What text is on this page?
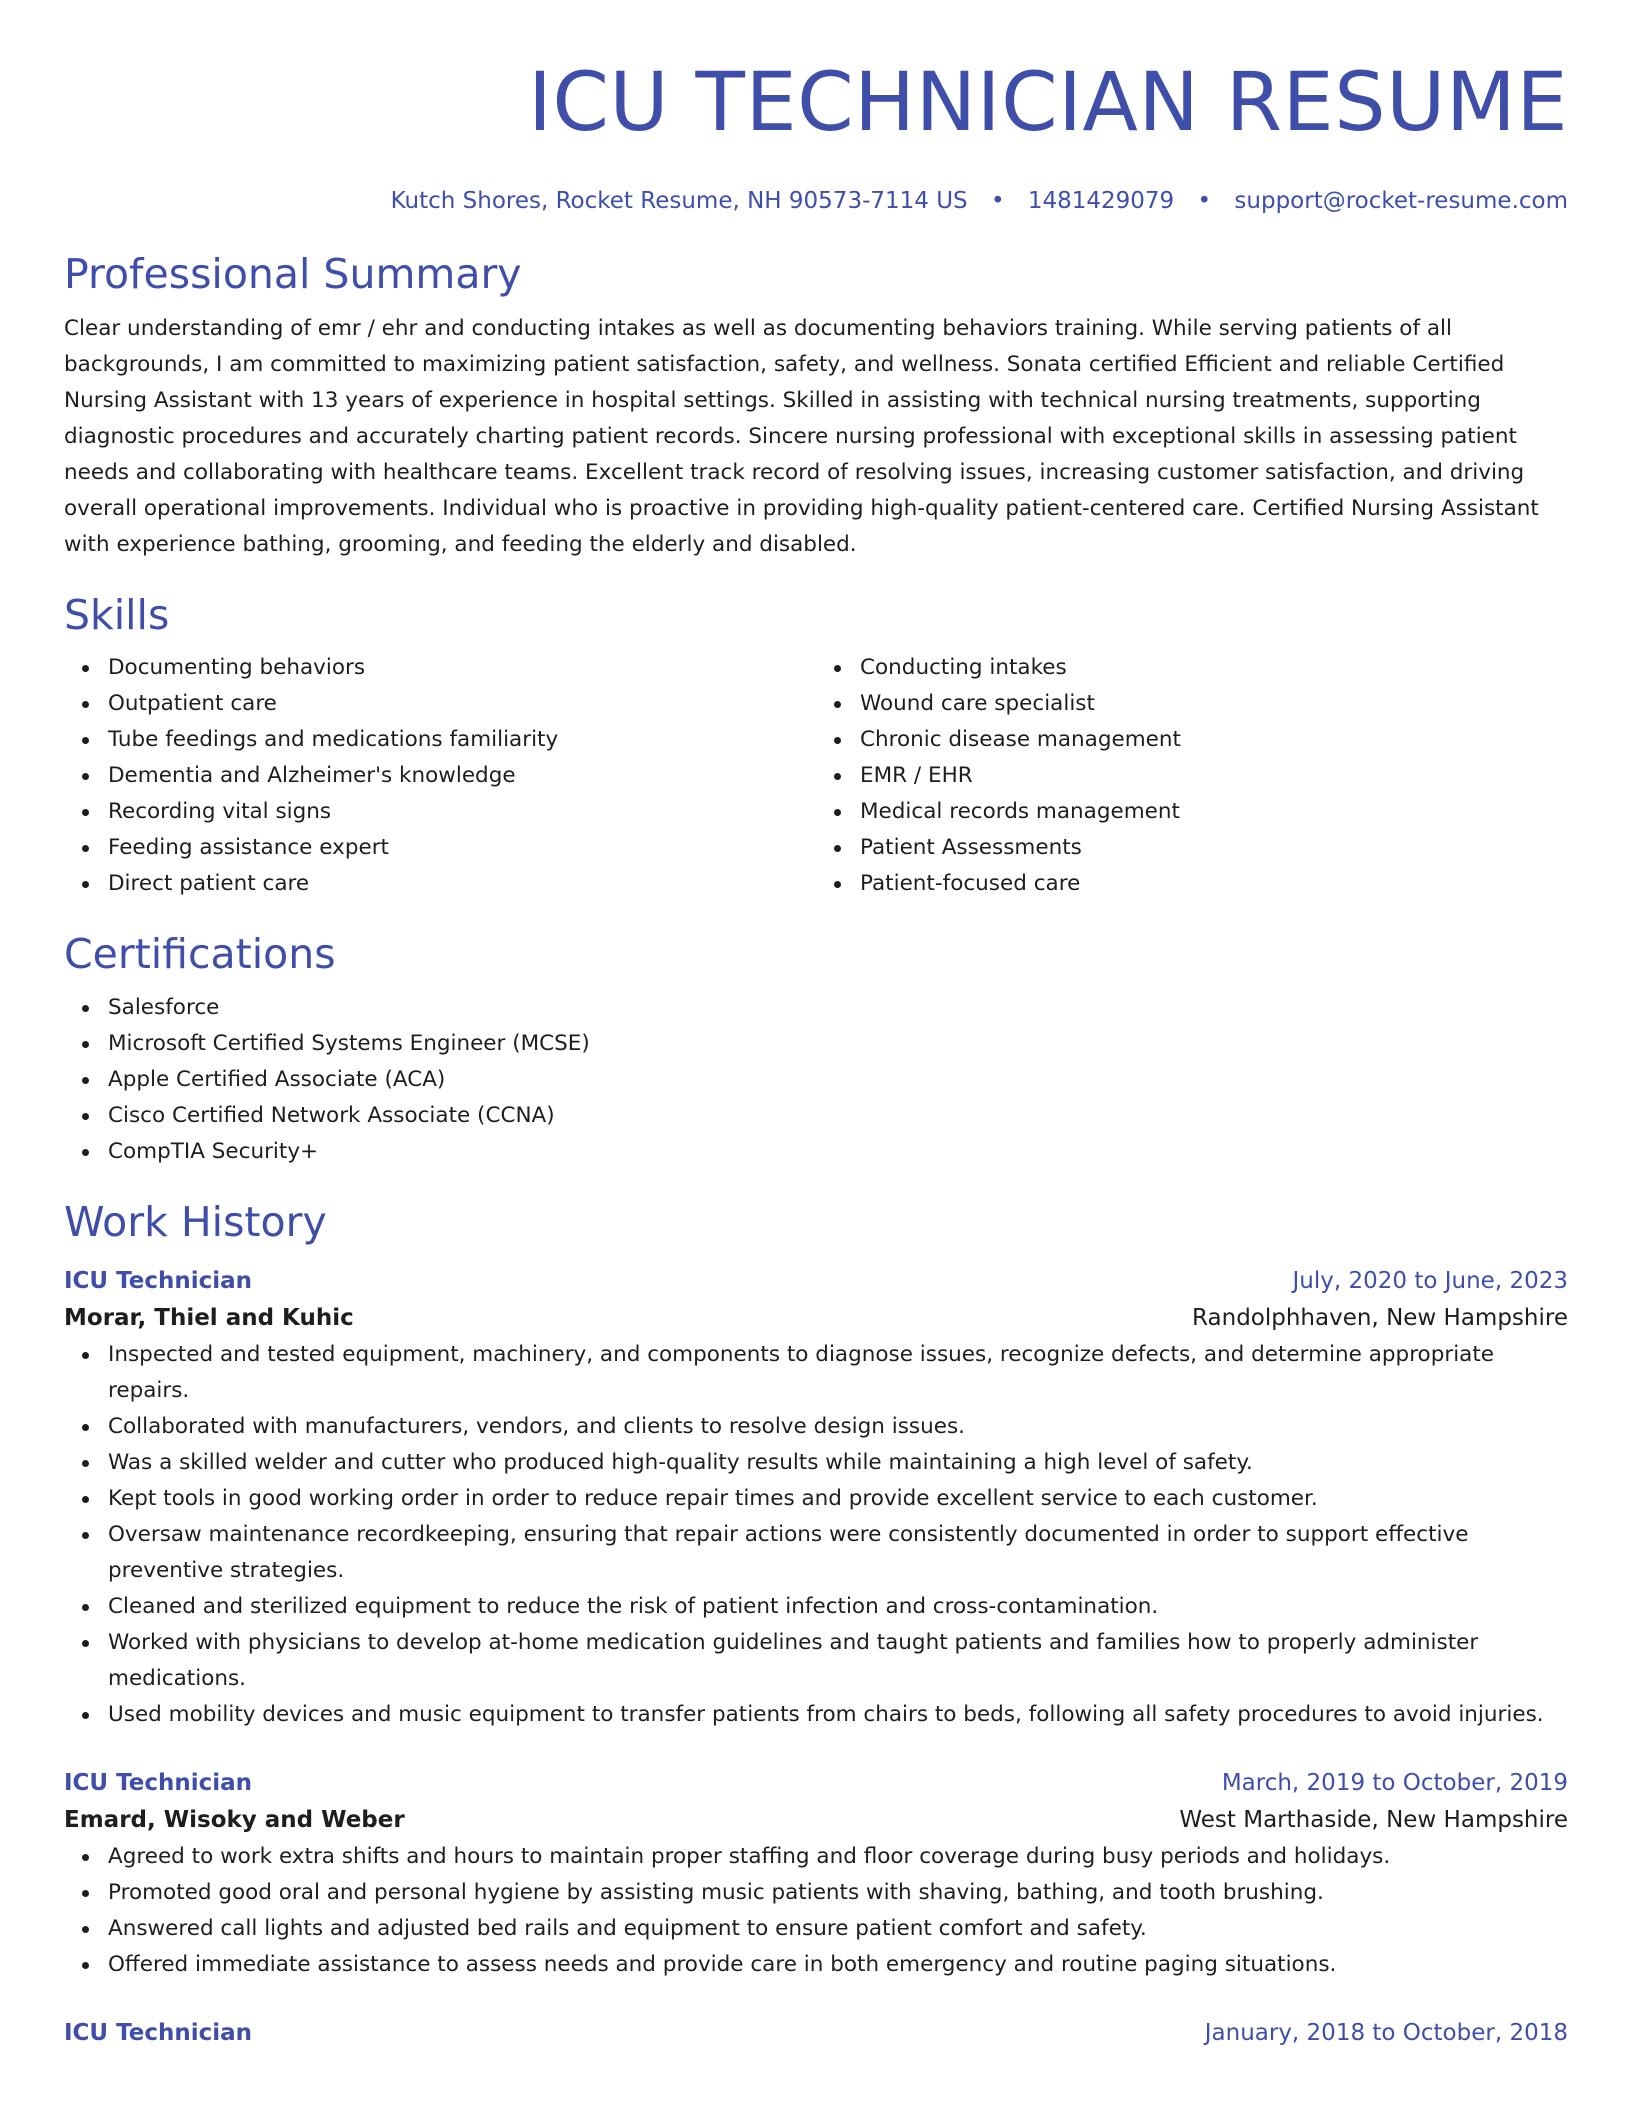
ICU TECHNICIAN RESUME
Kutch Shores, Rocket Resume, NH 90573-7114 US • 1481429079 • support@rocket-resume.com
Professional Summary

Clear understanding of emr / ehr and conducting intakes as well as documenting behaviors training. While serving patients of all backgrounds, I am committed to maximizing patient satisfaction, safety, and wellness. Sonata certified Efficient and reliable Certified Nursing Assistant with 13 years of experience in hospital settings. Skilled in assisting with technical nursing treatments, supporting diagnostic procedures and accurately charting patient records. Sincere nursing professional with exceptional skills in assessing patient needs and collaborating with healthcare teams. Excellent track record of resolving issues, increasing customer satisfaction, and driving overall operational improvements. Individual who is proactive in providing high-quality patient-centered care. Certified Nursing Assistant with experience bathing, grooming, and feeding the elderly and disabled.

Skills
Documenting behaviors
Outpatient care
Tube feedings and medications familiarity
Dementia and Alzheimer's knowledge
Recording vital signs
Feeding assistance expert
Direct patient care
Conducting intakes
Wound care specialist
Chronic disease management
EMR / EHR
Medical records management
Patient Assessments
Patient-focused care
Certifications
Salesforce
Microsoft Certified Systems Engineer (MCSE)
Apple Certified Associate (ACA)
Cisco Certified Network Associate (CCNA)
CompTIA Security+
Work History
ICU Technician	July, 2020 to June, 2023
Morar, Thiel and Kuhic	Randolphhaven, New Hampshire
Inspected and tested equipment, machinery, and components to diagnose issues, recognize defects, and determine appropriate repairs.
Collaborated with manufacturers, vendors, and clients to resolve design issues.
Was a skilled welder and cutter who produced high-quality results while maintaining a high level of safety.
Kept tools in good working order in order to reduce repair times and provide excellent service to each customer.
Oversaw maintenance recordkeeping, ensuring that repair actions were consistently documented in order to support effective preventive strategies.
Cleaned and sterilized equipment to reduce the risk of patient infection and cross-contamination.
Worked with physicians to develop at-home medication guidelines and taught patients and families how to properly administer medications.
Used mobility devices and music equipment to transfer patients from chairs to beds, following all safety procedures to avoid injuries.
ICU Technician	March, 2019 to October, 2019
Emard, Wisoky and Weber	West Marthaside, New Hampshire
Agreed to work extra shifts and hours to maintain proper staffing and floor coverage during busy periods and holidays.
Promoted good oral and personal hygiene by assisting music patients with shaving, bathing, and tooth brushing.
Answered call lights and adjusted bed rails and equipment to ensure patient comfort and safety.
Offered immediate assistance to assess needs and provide care in both emergency and routine paging situations.
ICU Technician	January, 2018 to October, 2018
